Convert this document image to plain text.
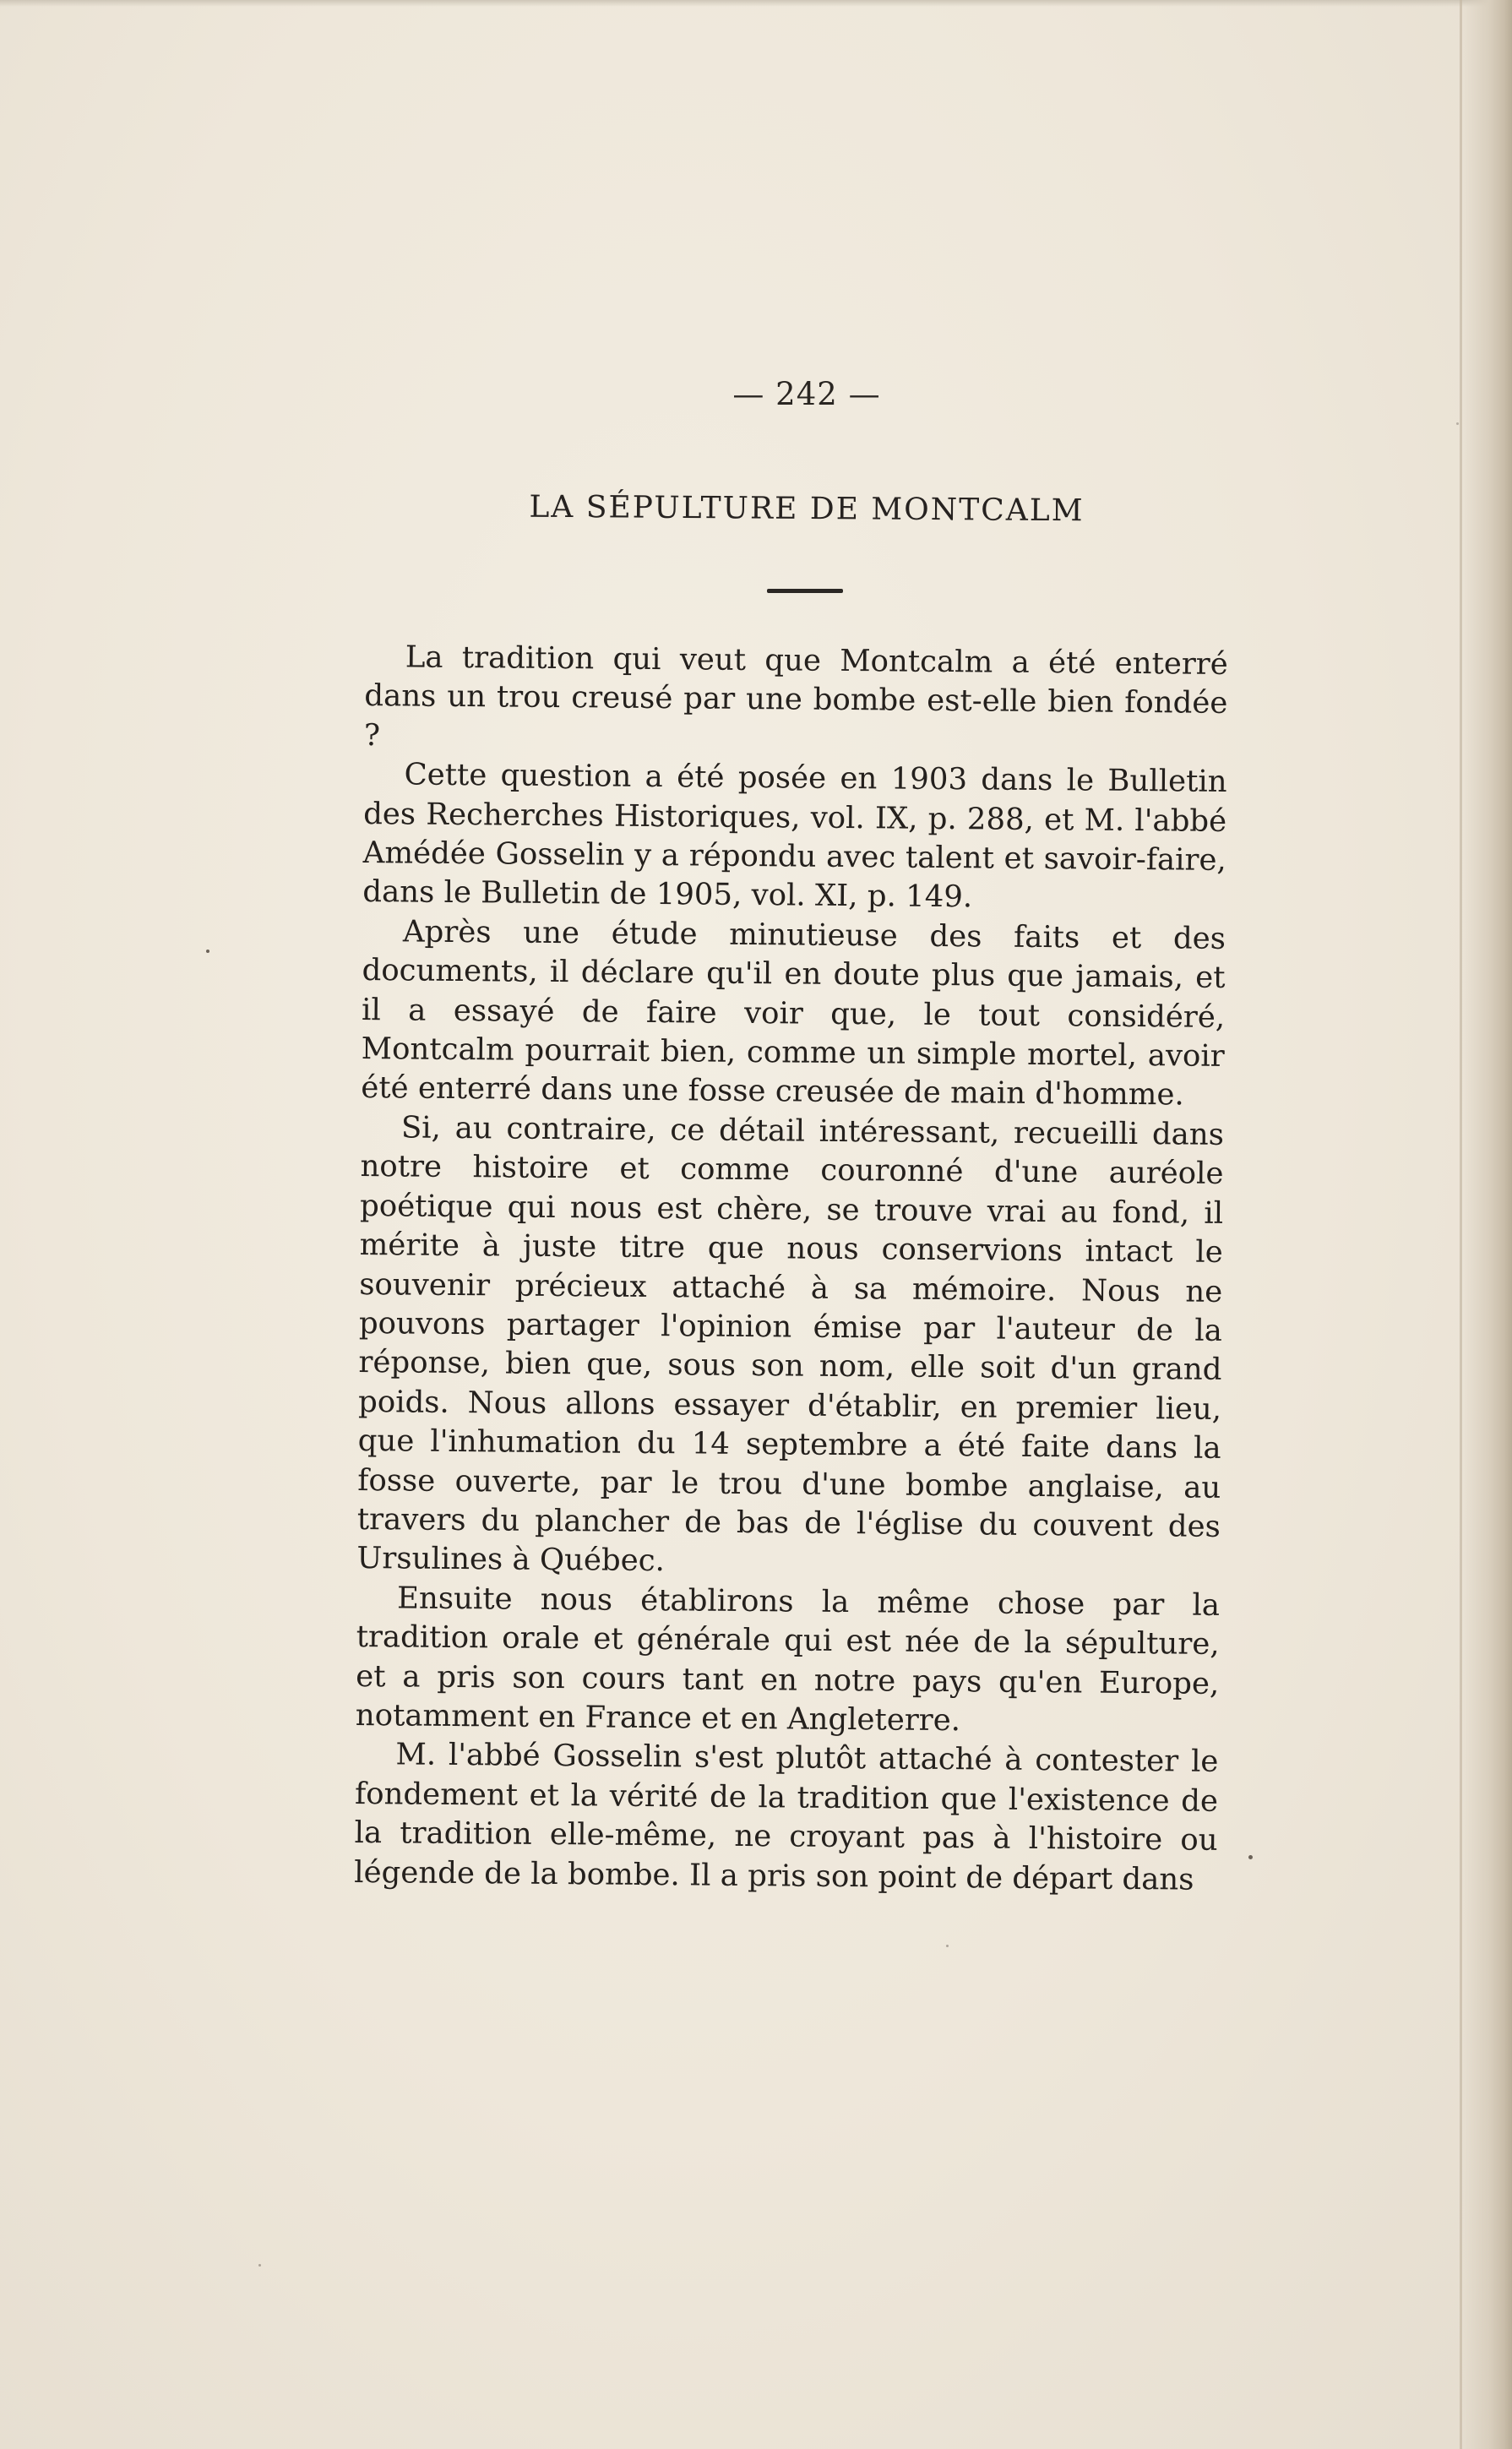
— 242 —
LA SÉPULTURE DE MONTCALM

La tradition qui veut que Montcalm a été enterré dans un trou creusé par une bombe est-elle bien fondée ?

Cette question a été posée en 1903 dans le Bulletin des Recherches Historiques, vol. IX, p. 288, et M. l'abbé Amédée Gosselin y a répondu avec talent et savoir-faire, dans le Bulletin de 1905, vol. XI, p. 149.

Après une étude minutieuse des faits et des documents, il déclare qu'il en doute plus que jamais, et il a essayé de faire voir que, le tout considéré, Montcalm pourrait bien, comme un simple mortel, avoir été enterré dans une fosse creusée de main d'homme.

Si, au contraire, ce détail intéressant, recueilli dans notre histoire et comme couronné d'une auréole poétique qui nous est chère, se trouve vrai au fond, il mérite à juste titre que nous conservions intact le souvenir précieux attaché à sa mémoire. Nous ne pouvons partager l'opinion émise par l'auteur de la réponse, bien que, sous son nom, elle soit d'un grand poids. Nous allons essayer d'établir, en premier lieu, que l'inhumation du 14 septembre a été faite dans la fosse ouverte, par le trou d'une bombe anglaise, au travers du plancher de bas de l'église du couvent des Ursulines à Québec.

Ensuite nous établirons la même chose par la tradition orale et générale qui est née de la sépulture, et a pris son cours tant en notre pays qu'en Europe, notamment en France et en Angleterre.

M. l'abbé Gosselin s'est plutôt attaché à contester le fondement et la vérité de la tradition que l'existence de la tradition elle-même, ne croyant pas à l'histoire ou légende de la bombe. Il a pris son point de départ dans
